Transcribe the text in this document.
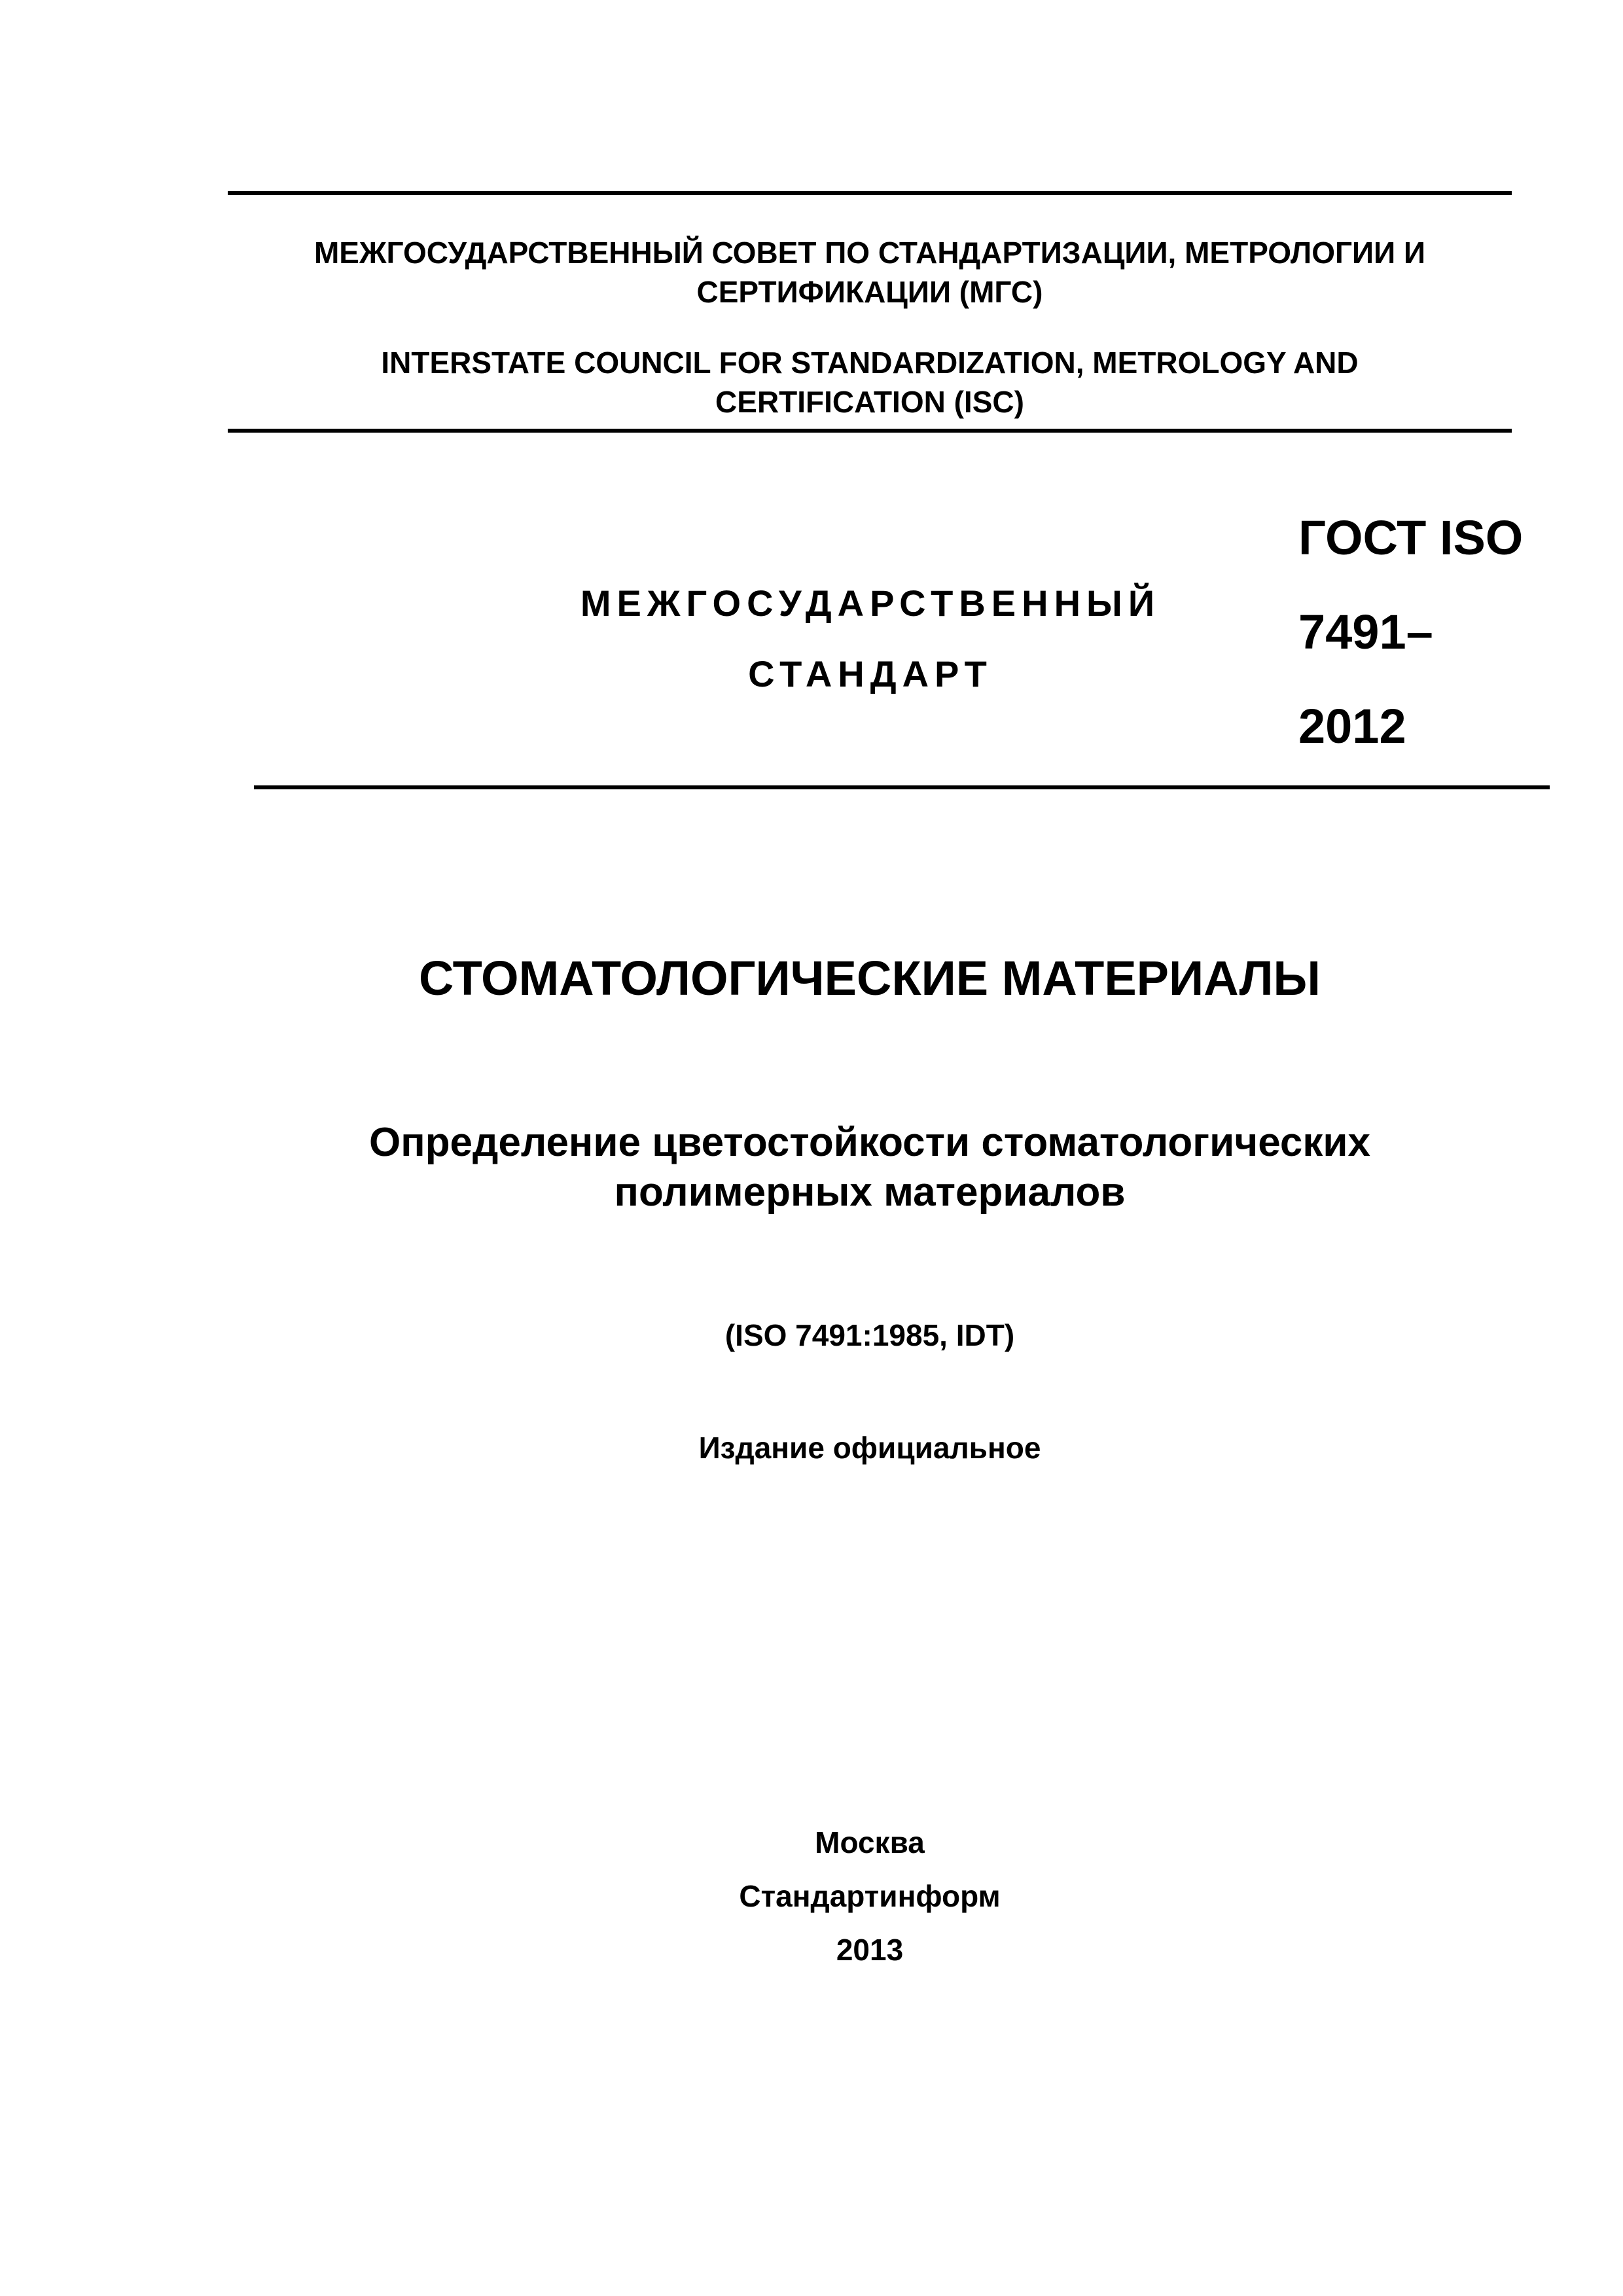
МЕЖГОСУДАРСТВЕННЫЙ СОВЕТ ПО СТАНДАРТИЗАЦИИ, МЕТРОЛОГИИ И
СЕРТИФИКАЦИИ (МГС)
INTERSTATE COUNCIL FOR STANDARDIZATION, METROLOGY AND
CERTIFICATION (ISC)
МЕЖГОСУДАРСТВЕННЫЙ
СТАНДАРТ

ГОСТ ISO

7491–

2012

СТОМАТОЛОГИЧЕСКИЕ МАТЕРИАЛЫ
Определение цветостойкости стоматологических
полимерных материалов
(ISO 7491:1985, IDT)
Издание официальное
Москва
Стандартинформ
2013
